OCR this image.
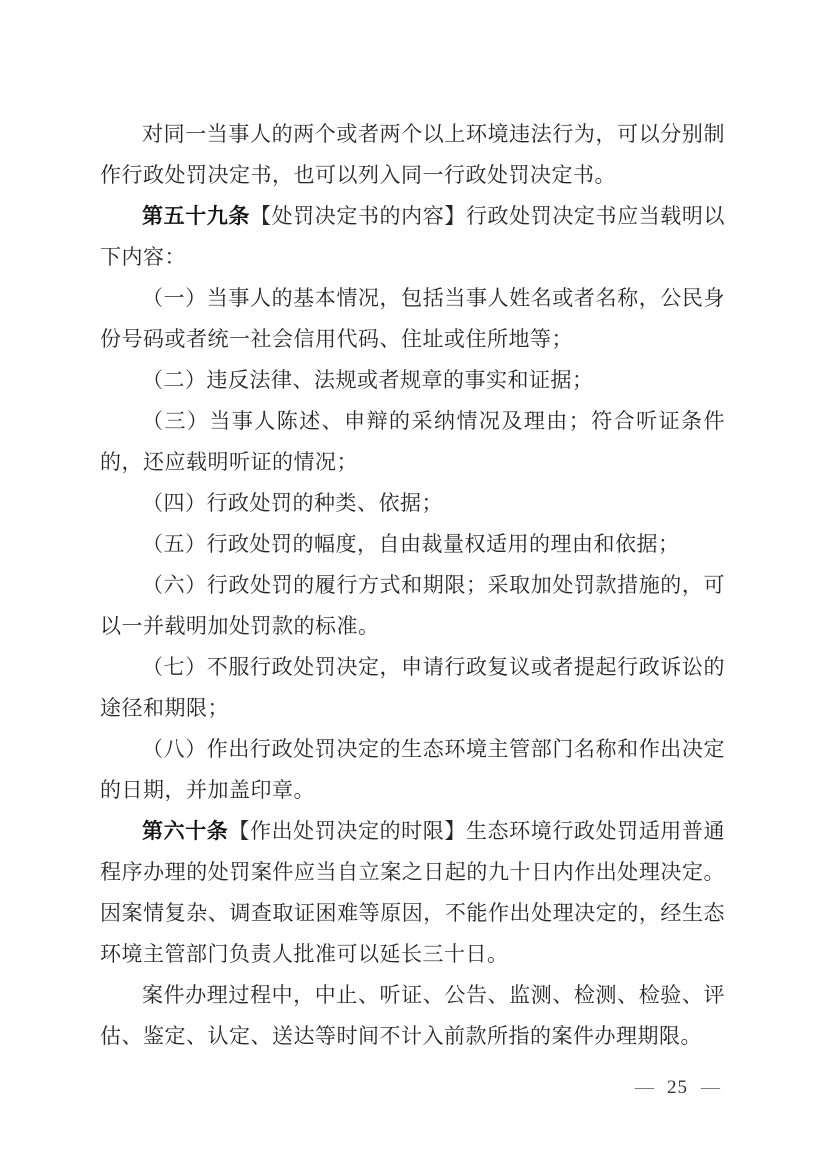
对同一当事人的两个或者两个以上环境违法行为，可以分别制作行政处罚决定书，也可以列入同一行政处罚决定书。

第五十九条【处罚决定书的内容】行政处罚决定书应当载明以下内容：

（一）当事人的基本情况，包括当事人姓名或者名称，公民身份号码或者统一社会信用代码、住址或住所地等；

（二）违反法律、法规或者规章的事实和证据；

（三）当事人陈述、申辩的采纳情况及理由；符合听证条件的，还应载明听证的情况；

（四）行政处罚的种类、依据；

（五）行政处罚的幅度，自由裁量权适用的理由和依据；

（六）行政处罚的履行方式和期限；采取加处罚款措施的，可以一并载明加处罚款的标准。

（七）不服行政处罚决定，申请行政复议或者提起行政诉讼的途径和期限；

（八）作出行政处罚决定的生态环境主管部门名称和作出决定的日期，并加盖印章。

第六十条【作出处罚决定的时限】生态环境行政处罚适用普通程序办理的处罚案件应当自立案之日起的九十日内作出处理决定。因案情复杂、调查取证困难等原因，不能作出处理决定的，经生态环境主管部门负责人批准可以延长三十日。

案件办理过程中，中止、听证、公告、监测、检测、检验、评估、鉴定、认定、送达等时间不计入前款所指的案件办理期限。

— 25 —
